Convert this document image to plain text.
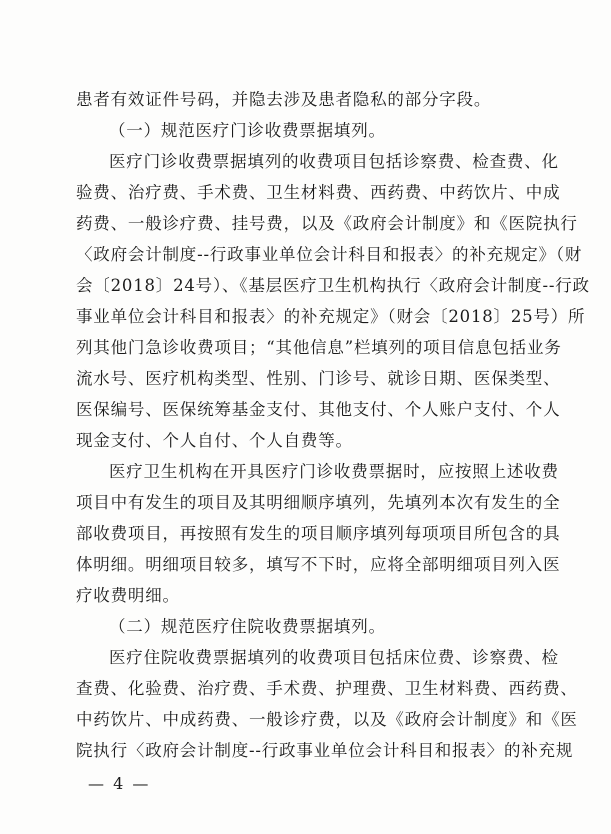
患者有效证件号码，并隐去涉及患者隐私的部分字段。
（一）规范医疗门诊收费票据填列。
医疗门诊收费票据填列的收费项目包括诊察费、检查费、化
验费、治疗费、手术费、卫生材料费、西药费、中药饮片、中成
药费、一般诊疗费、挂号费，以及《政府会计制度》和《医院执行
〈政府会计制度--行政事业单位会计科目和报表〉的补充规定》（财
会〔2018〕24号）、《基层医疗卫生机构执行〈政府会计制度--行政
事业单位会计科目和报表〉的补充规定》（财会〔2018〕25号）所
列其他门急诊收费项目；“其他信息”栏填列的项目信息包括业务
流水号、医疗机构类型、性别、门诊号、就诊日期、医保类型、
医保编号、医保统筹基金支付、其他支付、个人账户支付、个人
现金支付、个人自付、个人自费等。
医疗卫生机构在开具医疗门诊收费票据时，应按照上述收费
项目中有发生的项目及其明细顺序填列，先填列本次有发生的全
部收费项目，再按照有发生的项目顺序填列每项项目所包含的具
体明细。明细项目较多，填写不下时，应将全部明细项目列入医
疗收费明细。
（二）规范医疗住院收费票据填列。
医疗住院收费票据填列的收费项目包括床位费、诊察费、检
查费、化验费、治疗费、手术费、护理费、卫生材料费、西药费、
中药饮片、中成药费、一般诊疗费，以及《政府会计制度》和《医
院执行〈政府会计制度--行政事业单位会计科目和报表〉的补充规
— 4 —
